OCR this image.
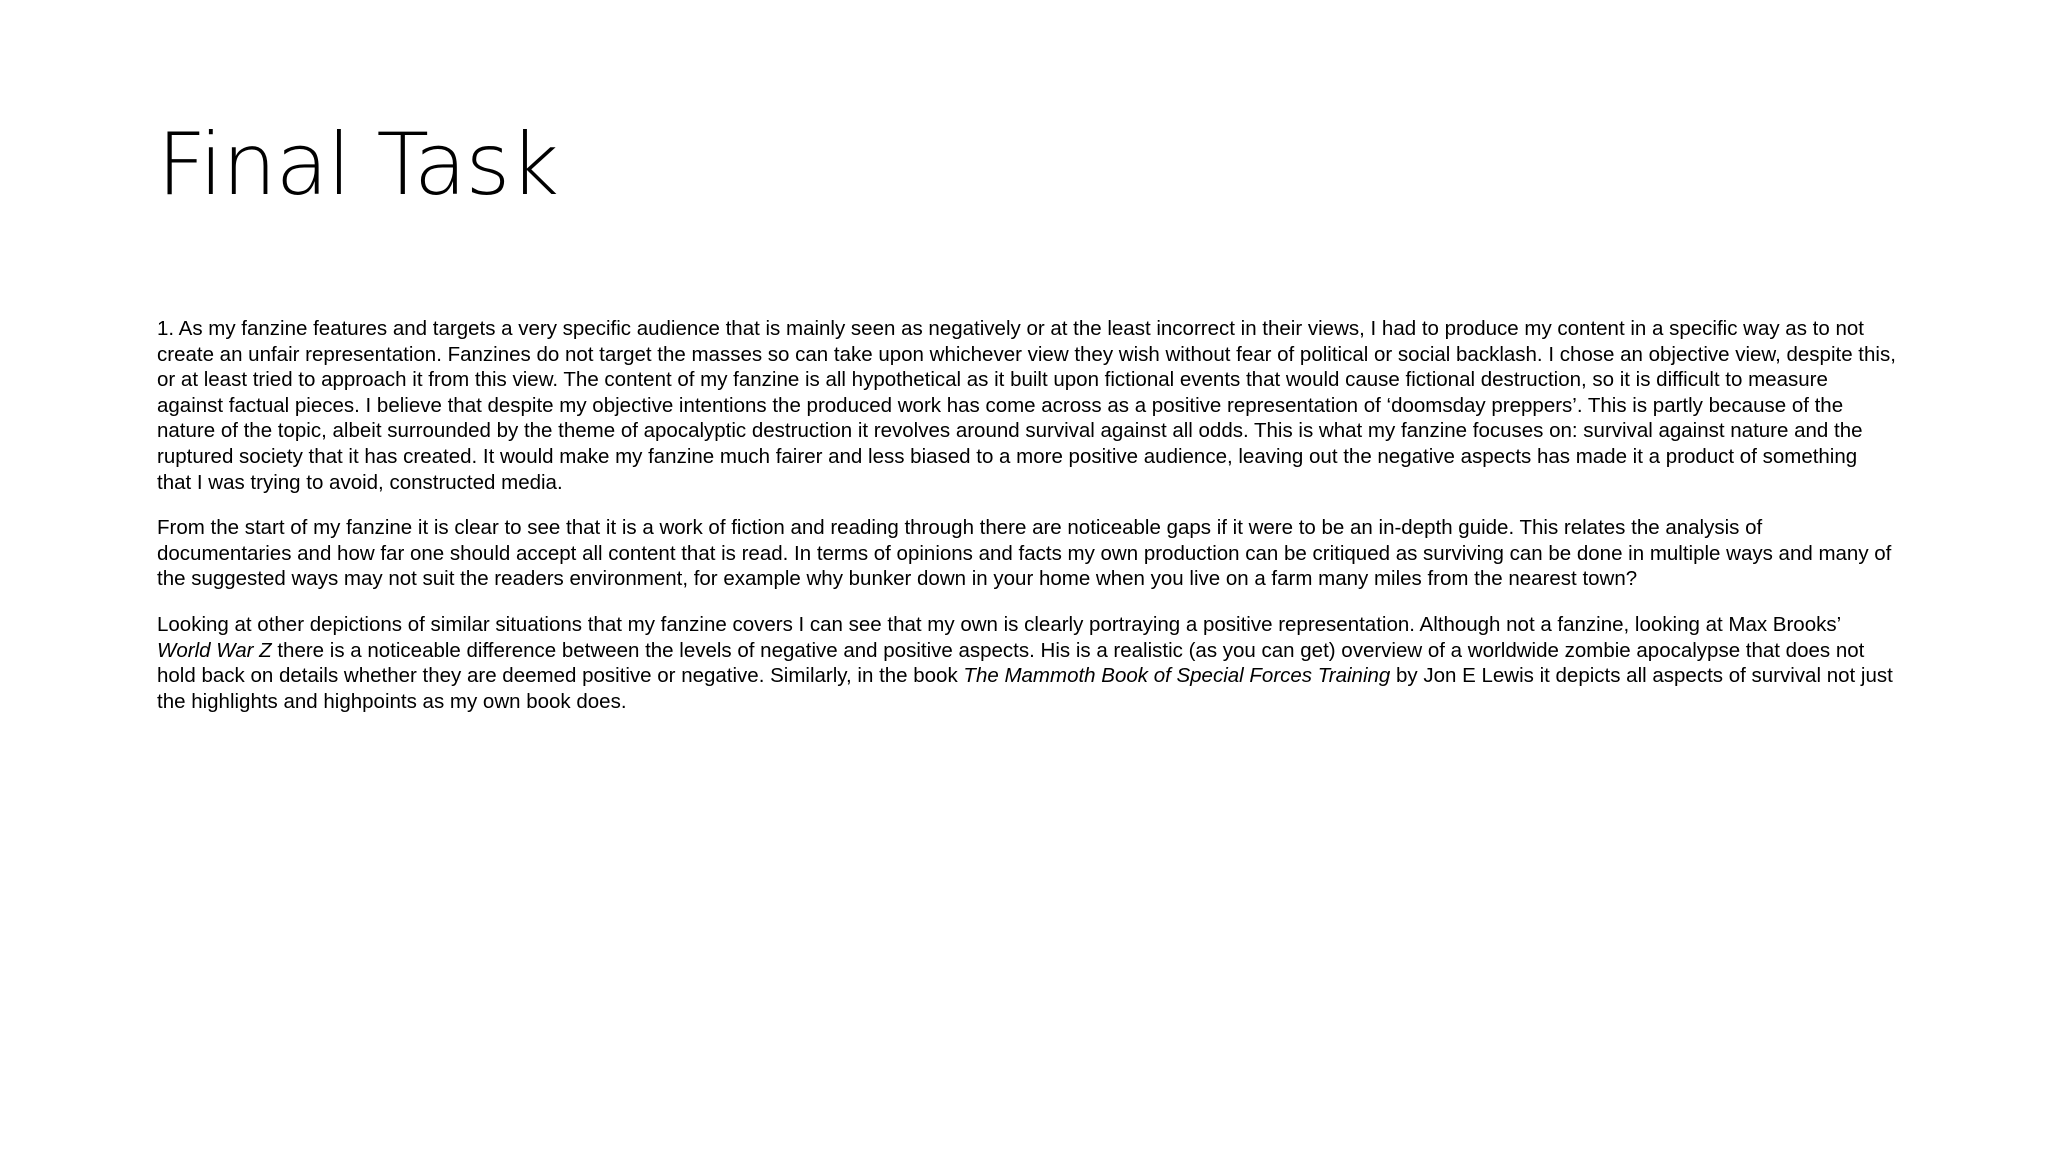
Final Task

1. As my fanzine features and targets a very specific audience that is mainly seen as negatively or at the least incorrect in their views, I had to produce my content in a specific way as to not create an unfair representation. Fanzines do not target the masses so can take upon whichever view they wish without fear of political or social backlash. I chose an objective view, despite this, or at least tried to approach it from this view. The content of my fanzine is all hypothetical as it built upon fictional events that would cause fictional destruction, so it is difficult to measure against factual pieces. I believe that despite my objective intentions the produced work has come across as a positive representation of ‘doomsday preppers’. This is partly because of the nature of the topic, albeit surrounded by the theme of apocalyptic destruction it revolves around survival against all odds. This is what my fanzine focuses on: survival against nature and the ruptured society that it has created. It would make my fanzine much fairer and less biased to a more positive audience, leaving out the negative aspects has made it a product of something that I was trying to avoid, constructed media.

From the start of my fanzine it is clear to see that it is a work of fiction and reading through there are noticeable gaps if it were to be an in-depth guide. This relates the analysis of documentaries and how far one should accept all content that is read. In terms of opinions and facts my own production can be critiqued as surviving can be done in multiple ways and many of the suggested ways may not suit the readers environment, for example why bunker down in your home when you live on a farm many miles from the nearest town?

Looking at other depictions of similar situations that my fanzine covers I can see that my own is clearly portraying a positive representation. Although not a fanzine, looking at Max Brooks’ World War Z there is a noticeable difference between the levels of negative and positive aspects. His is a realistic (as you can get) overview of a worldwide zombie apocalypse that does not hold back on details whether they are deemed positive or negative. Similarly, in the book The Mammoth Book of Special Forces Training by Jon E Lewis it depicts all aspects of survival not just the highlights and highpoints as my own book does.
